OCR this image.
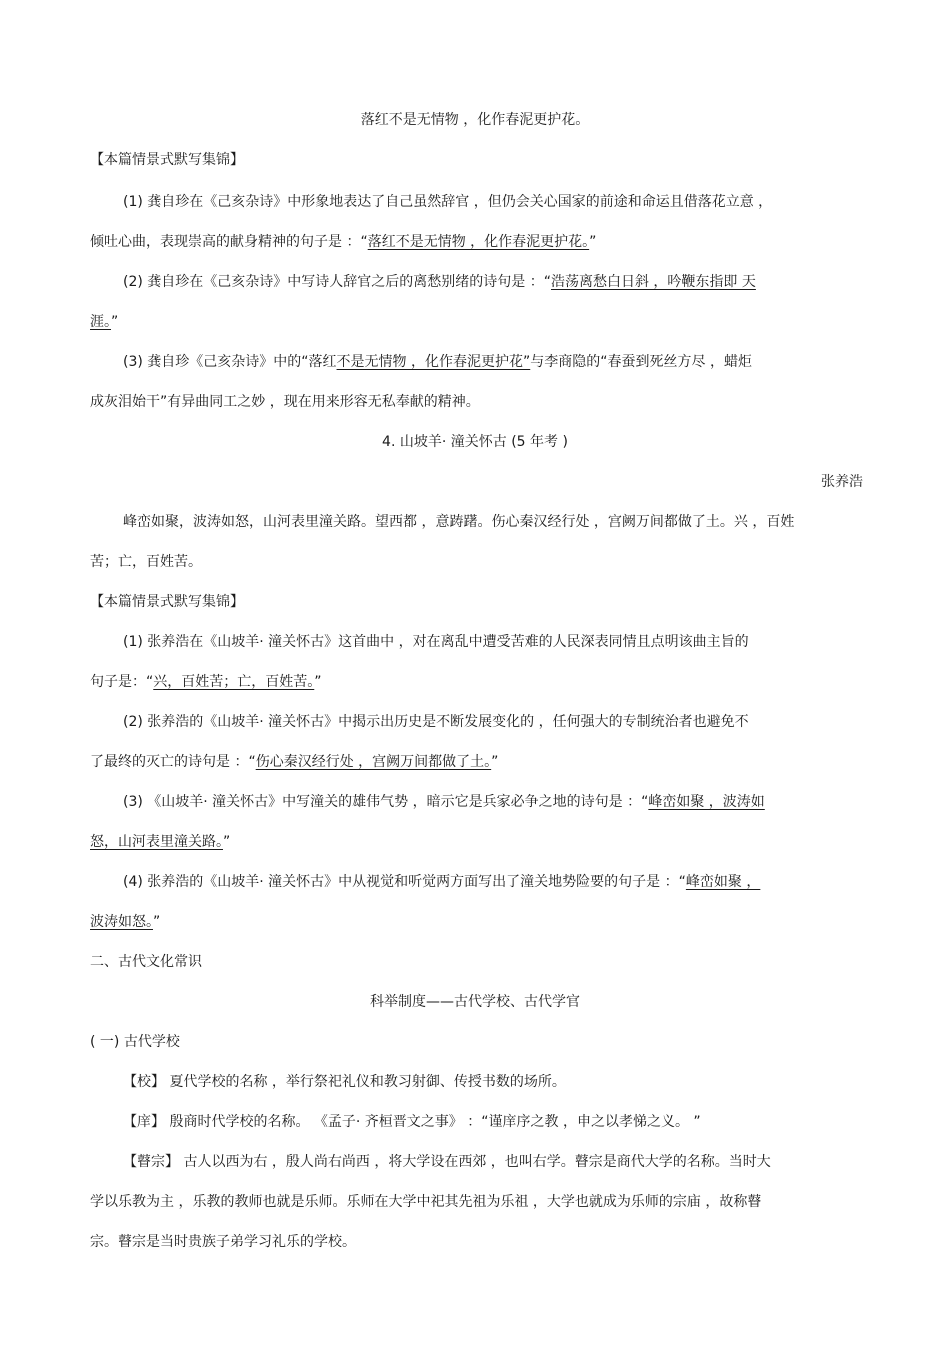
落红不是无情物 ，化作春泥更护花。
【本篇情景式默写集锦】
(1) 龚自珍在《己亥杂诗》中形象地表达了自己虽然辞官 ，但仍会关心国家的前途和命运且借落花立意 ，
倾吐心曲，表现崇高的献身精神的句子是 ：“落红不是无情物 ，化作春泥更护花。”
(2) 龚自珍在《己亥杂诗》中写诗人辞官之后的离愁别绪的诗句是 ：“浩荡离愁白日斜 ，吟鞭东指即 天
涯。”
(3) 龚自珍《己亥杂诗》中的“落红不是无情物 ，化作春泥更护花”与李商隐的“春蚕到死丝方尽 ，蜡炬
成灰泪始干”有异曲同工之妙 ，现在用来形容无私奉献的精神。
4. 山坡羊· 潼关怀古 (5 年考 )
张养浩
峰峦如聚，波涛如怒，山河表里潼关路。望西都 ，意踌躇。伤心秦汉经行处 ，宫阙万间都做了土。兴 ，百姓
苦；亡，百姓苦。
【本篇情景式默写集锦】
(1) 张养浩在《山坡羊· 潼关怀古》这首曲中 ，对在离乱中遭受苦难的人民深表同情且点明该曲主旨的
句子是：“兴，百姓苦；亡，百姓苦。”
(2) 张养浩的《山坡羊· 潼关怀古》中揭示出历史是不断发展变化的 ，任何强大的专制统治者也避免不
了最终的灭亡的诗句是 ：“伤心秦汉经行处 ，宫阙万间都做了土。”
(3) 《山坡羊· 潼关怀古》中写潼关的雄伟气势 ，暗示它是兵家必争之地的诗句是 ：“峰峦如聚 ，波涛如
怒，山河表里潼关路。”
(4) 张养浩的《山坡羊· 潼关怀古》中从视觉和听觉两方面写出了潼关地势险要的句子是 ：“峰峦如聚 ，
波涛如怒。”
二、古代文化常识
科举制度——古代学校、古代学官
( 一) 古代学校
【校】 夏代学校的名称 ，举行祭祀礼仪和教习射御、传授书数的场所。
【庠】 殷商时代学校的名称。 《孟子· 齐桓晋文之事》 ：“谨庠序之教 ，申之以孝悌之义。 ”
【瞽宗】 古人以西为右 ，殷人尚右尚西 ，将大学设在西郊 ，也叫右学。瞽宗是商代大学的名称。当时大
学以乐教为主 ，乐教的教师也就是乐师。乐师在大学中祀其先祖为乐祖 ，大学也就成为乐师的宗庙 ，故称瞽
宗。瞽宗是当时贵族子弟学习礼乐的学校。
